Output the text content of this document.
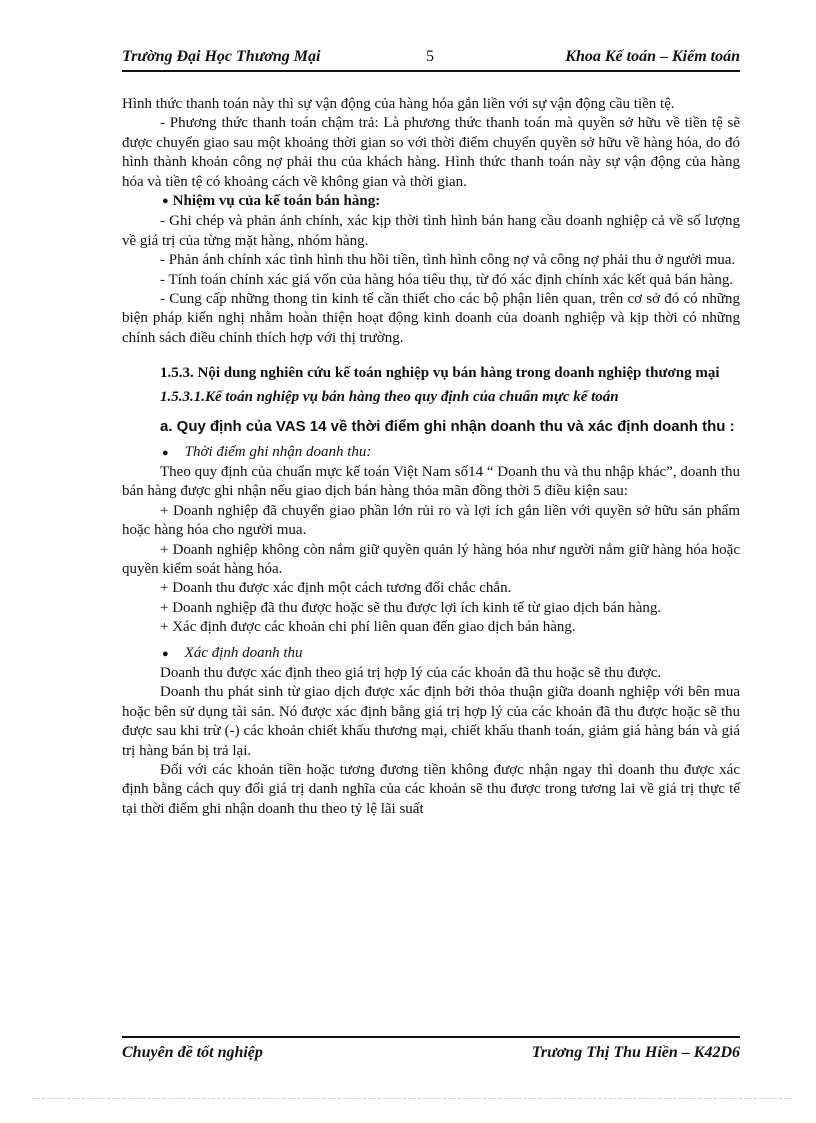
Trường Đại Học Thương Mại	5	Khoa Kế toán – Kiểm toán

Hình thức thanh toán này thì sự vận động của hàng hóa gắn liền với sự vận động cầu tiền tệ.

- Phương thức thanh toán chậm trả: Là phương thức thanh toán mà quyền sở hữu về tiền tệ sẽ được chuyển giao sau một khoảng thời gian so với thời điểm chuyển quyền sở hữu về hàng hóa, do đó hình thành khoản công nợ phải thu của khách hàng. Hình thức thanh toán này sự vận động của hàng hóa và tiền tệ có khoảng cách về không gian và thời gian.

● Nhiệm vụ của kế toán bán hàng:

- Ghi chép và phản ánh chính, xác kịp thời tình hình bán hang cầu doanh nghiệp cả về số lượng về giá trị của từng mặt hàng, nhóm hàng.

- Phản ánh chính xác tình hình thu hồi tiền, tình hình công nợ và công nợ phải thu ở người mua.

- Tính toán chính xác giá vốn của hàng hóa tiêu thụ, từ đó xác định chính xác kết quả bán hàng.

- Cung cấp những thong tin kinh tế cần thiết cho các bộ phận liên quan, trên cơ sở đó có những biện pháp kiến nghị nhằm hoàn thiện hoạt động kinh doanh của doanh nghiệp và kịp thời có những chính sách điều chỉnh thích hợp với thị trường.

1.5.3. Nội dung nghiên cứu kế toán nghiệp vụ bán hàng trong doanh nghiệp thương mại

1.5.3.1.Kế toán nghiệp vụ bán hàng theo quy định của chuẩn mực kế toán

a. Quy định của VAS 14 về thời điểm ghi nhận doanh thu và xác định doanh thu :

● Thời điểm ghi nhận doanh thu:

Theo quy định của chuẩn mực kế toán Việt Nam số14 “ Doanh thu và thu nhập khác”, doanh thu bán hàng được ghi nhận nếu giao dịch bán hàng thỏa mãn đồng thời 5 điều kiện sau:

+ Doanh nghiệp đã chuyển giao phần lớn rủi ro và lợi ích gắn liền với quyền sở hữu sản phẩm hoặc hàng hóa cho người mua.

+ Doanh nghiệp không còn nắm giữ quyền quản lý hàng hóa như người nắm giữ hàng hóa hoặc quyền kiểm soát hàng hóa.

+ Doanh thu được xác định một cách tương đối chắc chắn.

+ Doanh nghiệp đã thu được hoặc sẽ thu được lợi ích kinh tế từ giao dịch bán hàng.

+ Xác định được các khoản chi phí liên quan đến giao dịch bán hàng.

● Xác định doanh thu

Doanh thu được xác định theo giá trị hợp lý của các khoản đã thu hoặc sẽ thu được.

Doanh thu phát sinh từ giao dịch được xác định bởi thỏa thuận giữa doanh nghiệp với bên mua hoặc bên sử dụng tài sản. Nó được xác định bằng giá trị hợp lý của các khoản đã thu được hoặc sẽ thu được sau khi trừ (-) các khoản chiết khấu thương mại, chiết khấu thanh toán, giảm giá hàng bán và giá trị hàng bán bị trả lại.

Đối với các khoản tiền hoặc tương đương tiền không được nhận ngay thì doanh thu được xác định bằng cách quy đổi giá trị danh nghĩa của các khoản sẽ thu được trong tương lai về giá trị thực tế tại thời điểm ghi nhận doanh thu theo tỷ lệ lãi suất

Chuyên đề tốt nghiệp	Trương Thị Thu Hiền – K42D6
